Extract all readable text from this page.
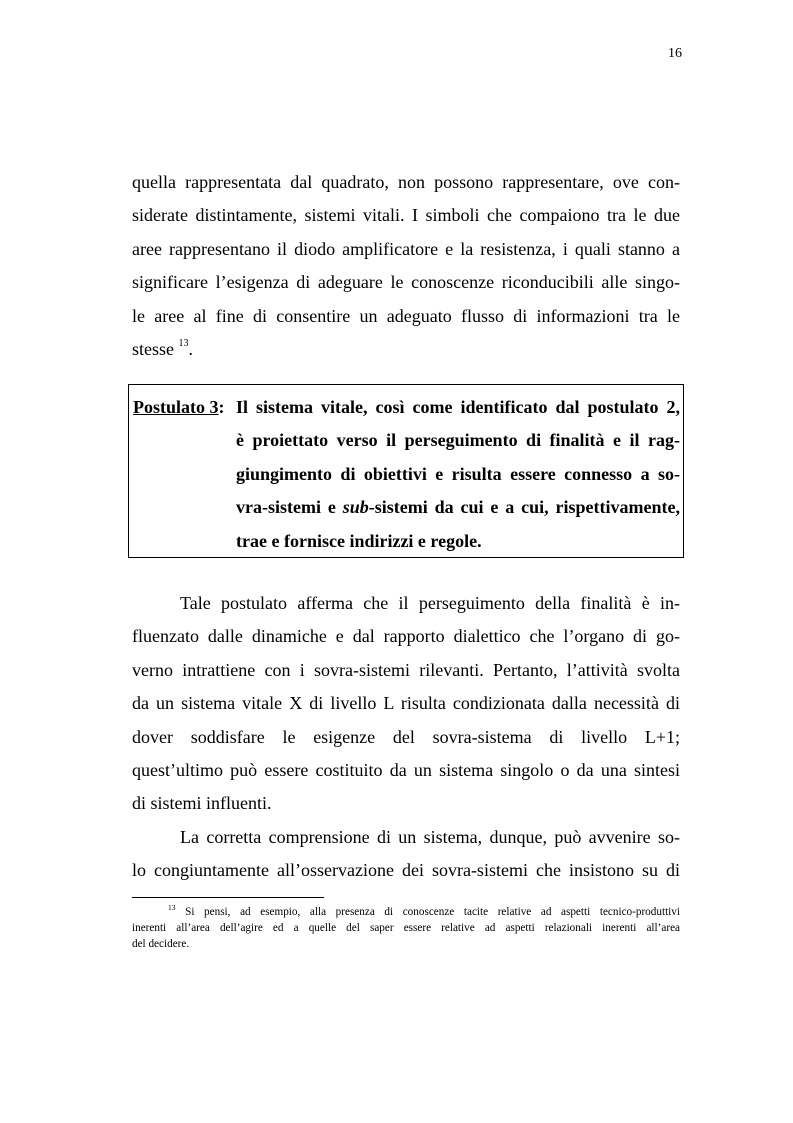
16
quella rappresentata dal quadrato, non possono rappresentare, ove con-
siderate distintamente, sistemi vitali. I simboli che compaiono tra le due
aree rappresentano il diodo amplificatore e la resistenza, i quali stanno a
significare l’esigenza di adeguare le conoscenze riconducibili alle singo-
le aree al fine di consentire un adeguato flusso di informazioni tra le
stesse $^{13}$.
Postulato 3: Il sistema vitale, così come identificato dal postulato 2,
è proiettato verso il perseguimento di finalità e il rag-
giungimento di obiettivi e risulta essere connesso a so-
vra-sistemi e sub-sistemi da cui e a cui, rispettivamente,
trae e fornisce indirizzi e regole.
Tale postulato afferma che il perseguimento della finalità è in-
fluenzato dalle dinamiche e dal rapporto dialettico che l’organo di go-
verno intrattiene con i sovra-sistemi rilevanti. Pertanto, l’attività svolta
da un sistema vitale X di livello L risulta condizionata dalla necessità di
dover soddisfare le esigenze del sovra-sistema di livello L+1;
quest’ultimo può essere costituito da un sistema singolo o da una sintesi
di sistemi influenti.
La corretta comprensione di un sistema, dunque, può avvenire so-
lo congiuntamente all’osservazione dei sovra-sistemi che insistono su di
$^{13}$ Si pensi, ad esempio, alla presenza di conoscenze tacite relative ad aspetti tecnico-produttivi
inerenti all’area dell’agire ed a quelle del saper essere relative ad aspetti relazionali inerenti all’area
del decidere.
